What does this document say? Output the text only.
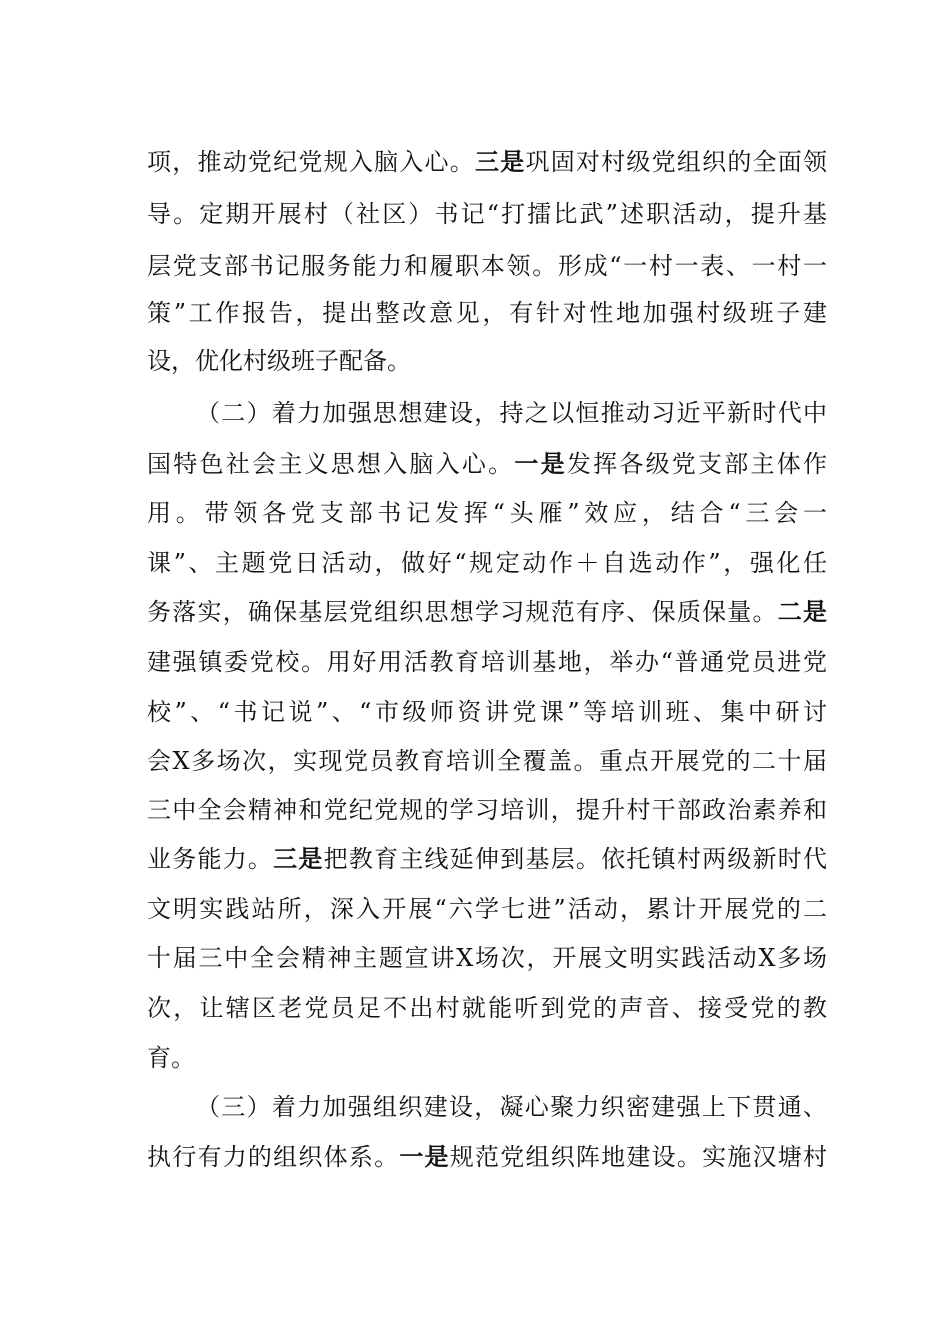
项，推动党纪党规入脑入心。三是巩固对村级党组织的全面领
导。定期开展村（社区）书记“打擂比武”述职活动，提升基
层党支部书记服务能力和履职本领。形成“一村一表、一村一
策”工作报告，提出整改意见，有针对性地加强村级班子建
设，优化村级班子配备。
（二）着力加强思想建设，持之以恒推动习近平新时代中
国特色社会主义思想入脑入心。一是发挥各级党支部主体作
用。带领各党支部书记发挥“头雁”效应，结合“三会一
课”、主题党日活动，做好“规定动作＋自选动作”，强化任
务落实，确保基层党组织思想学习规范有序、保质保量。二是
建强镇委党校。用好用活教育培训基地，举办“普通党员进党
校”、“书记说”、“市级师资讲党课”等培训班、集中研讨
会X多场次，实现党员教育培训全覆盖。重点开展党的二十届
三中全会精神和党纪党规的学习培训，提升村干部政治素养和
业务能力。三是把教育主线延伸到基层。依托镇村两级新时代
文明实践站所，深入开展“六学七进”活动，累计开展党的二
十届三中全会精神主题宣讲X场次，开展文明实践活动X多场
次，让辖区老党员足不出村就能听到党的声音、接受党的教
育。
（三）着力加强组织建设，凝心聚力织密建强上下贯通、
执行有力的组织体系。一是规范党组织阵地建设。实施汉塘村
